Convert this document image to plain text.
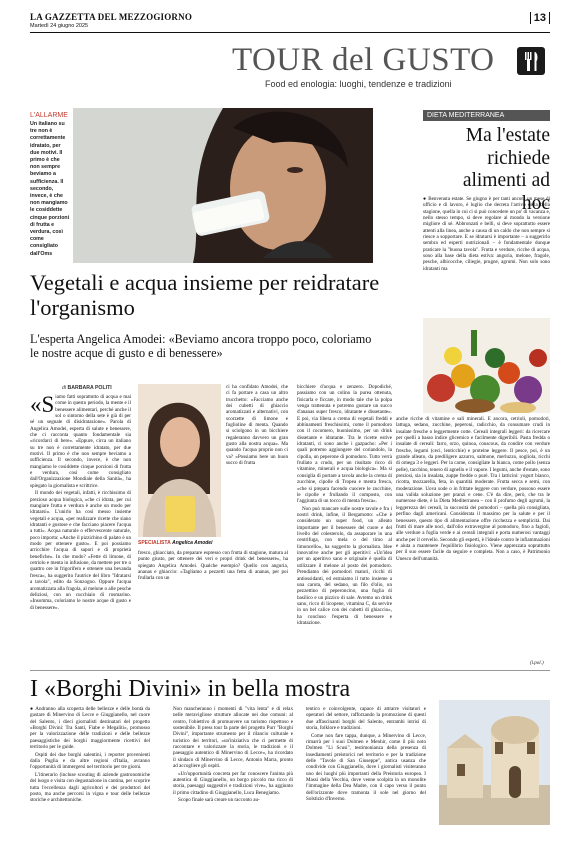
LA GAZZETTA DEL MEZZOGIORNO
Martedì 24 giugno 2025
13
TOUR del GUSTO
Food ed enologia: luoghi, tendenze e tradizioni
L'ALLARME
Un italiano su tre non è correttamente idratato, per due motivi. Il primo è che non sempre beviamo a sufficienza. Il secondo, invece, è che non mangiamo le cosiddette cinque porzioni di frutta e verdura, così come consigliato dall'Oms
Vegetali e acqua insieme per reidratare l'organismo
L'esperta Angelica Amodei: «Beviamo ancora troppo poco, coloriamo le nostre acque di gusto e di benessere»
di BARBARA POLITI

«Siamo fatti soprattutto di acqua e mai come in questo periodo, la mente e il benessere alimentari, perché anche il sol o sintomo della sete è già di per sé un segnale di disidratazione». Parola di Angelica Amodei, esperta di salute e benessere, che ci racconta quanto fondamentale sia «ricordarci di bere». «Eppure, circa un italiano su tre non è correttamente idratato, per due motivi. Il primo è che non sempre beviamo a sufficienza. Il secondo, invece, è che non mangiamo le cosiddette cinque porzioni di frutta e verdura, così come consigliato dall'Organizzazione Mondiale della Sanità», ha spiegato la giornalista e scrittrice.

Il mondo dei vegetali, infatti, è ricchissimo di prezioso acqua biologica, «che ci idrata, per cui mangiare frutta e verdura è anche un modo per idratarsi». L'unirlo ha così messo insieme vegetali e acqua, «per realizzare ricette che siano idratanti e gustose e che facciano piacere l'acqua a tutti». Acqua naturale o effervescente naturale, poco importa: «Anche il pizzichino di palato è un modo per ottenere gusto». E poi possiamo arricchire l'acqua di sapori e di proprietà benefiche». In che modo? «Fette di limone, di cetriolo e menta in infusione, da mettere per tre o quattro ore in frigorifero e ottenere una bevanda fresca», ha suggerito l'autrice del libro "Idratarsi a tavola", edito da Sonzogno. Oppure l'acqua aromatizzata alla fragola, al melone o alle pesche deliziosi, con un cucchiaio di rosmarino. «Insomma, coloriamo le nostre acque di gusto e di benessere».

SPECIALISTA Angelica Amodei

ci ha confidato Amodei, che ci fa portare a casa un altro trucchetto: «Facciamo anche dei cubetti di ghiaccio aromatizzati e alternativi, con scorzette di limone e foglioline di menta. Quando si sciolgono in un bicchiere regaleranno davvero un gran gusto alla nostra acqua». Ma quando l'acqua proprio non ci va? «Possiamo bere un buon succo di frutta

fresco, ghiacciato, da preparare espresso con frutta di stagione, matura al punto giusto, per ottenere dei veri e propri drink del benessere», ha spiegato Angelica Amodei. Qualche esempio? Quello con anguria, ananas e ghiaccio: «Tagliamo a pezzetti una fetta di ananas, per poi frullarla con un

bicchiere d'acqua e zenzero. Dopodiché, passiamo con un colino la purea ottenuta, fisicarla e ficcare, in modo tale che la polpa venga trattenuta e potremo gustare un succo d'ananas super fresco, idratante e dissetante». E poi, via libera a crema di vegetali freddi e abbinamenti freschissimi, come il pomodoro con il cocomero, buonissimo, per un drink dissetante e idratante. Tra le ricette estive idratanti, ci sono anche i gazpacho: «Per i quali potremo aggiungere del coriandolo, la cipolla, un peperone di pomodoro. Tutto verrà frullato a crudo, per un risultato ricco di vitamine, minerali e acqua biologica». Ma si consiglia di portare a tavola anche la crema di zucchine, cipolle di Tropea e menta fresca, «che si prepara facendo cuocere le zucchine, le cipolle e frullando il composto, con l'aggiunta di un tocco di menta fresca».

Non può mancare sulle nostre tavole e fra i nostri drink, infine, il Bergamotto: «Che è considerato un super food, un alleato importante per il benessere del cuore e del livello del colesterolo, da assaporare in una centrifuga, con mela o del timo al limoncello», ha suggerito la giornalista. Idee innovative anche per gli aperitivi: «Un'idea per un aperitivo sano e originale è quella di utilizzare il melone al posto dei pomodoro. Prendiamo dei pomodori maturi, ricchi di antiossidanti, ed estraiamo il tutto insieme a una carota, del sedano, un filo d'olio, un pezzettino di peperoncino, una foglia di basilico e un pizzico di sale. Avremo un drink sano, ricco di licopene, vitamina C, da servire in un bel calice con dei cubetti di ghiaccio», ha concluso l'esperta di benessere e idratazione.

DIETA MEDITERRANEA
Ma l'estate richiede alimenti ad hoc

● Benvenuta estate. Se giugno è per tanti ancora un mese di ufficio e di lavoro, è luglio che decreta l'arrivo della bella stagione, quella in cui ci si può concedere un po' di vacanza e, nello stesso tempo, si deve regolare al mondo la versione migliore di sé. Abbronzati e belli, si deve soprattutto essere attenti alla linea, anche a causa di un caldo che non sempre si riesce a sopportare. E se idratarsi è importante – a suggerirlo sembra ed esperti nutrizionali – è fondamentale dunque praticare la "buona tavola". Frutta e verdure, ricche di acqua, sono alla base della dieta estiva: anguria, melone, fragole, pesche, albicocche, ciliegie, prugne, agrumi. Non solo sono idratanti ma

anche ricche di vitamine e sali minerali. E ancora, cetrioli, pomodori, lattuga, sedano, zucchine, peperoni, radicchio, da consumare crudi in insalate fresche o leggermente cotte. Cereali integrali leggeri: da ricercare per quelli a basso indice glicemico e facilmente digeribili. Pasta fredda o insalate di cereali: farro, orzo, quinoa, couscous, da condire con verdure fresche, legumi (ceci, lenticchie) e proteine leggere. Il pesce, poi, è un grande alleato, da prediligere azzurro, salmone, merluzzo, sogliola, ricchi di omega 3 e leggeri. Per la carne, consigliate la bianca, come pollo (senza pelle), tacchino, tenero di agnello e il vapore. I legumi, anche d'estate, sono preziosi, sia in insalata, zuppe fredde o purè. Tra i latticini: yogurt bianco, ricotta, mozzarella, feta, in quantità moderate. Frutta secca e semi, con moderazione. Uova sode o in frittate leggere con verdure, possono essere una valida soluzione per pranzi e cene. C'è da dire, però, che tra le numerose diete, è la Dieta Mediterranea – con il profumo degli agrumi, la leggerezza dei cereali, la succosità dei pomodori – quella più consigliata, perfino dagli americani. Considerata il massimo per la salute e per il benessere, questo tipo di alimentazione offre ricchezza e semplicità. Dai frutti di mare alle noci, dall'olio extravergine al pomodoro, fino a fagioli, alle verdure a foglia verde e ai cereali integrali e porta numerosi vantaggi anche per il cervello. Secondo gli esperti, è l'ideale contro le infiammazioni e aiuta a mantenere l'equilibrio fisiologico. Viene apprezzata soprattutto per il suo essere facile da seguire e completa. Non a caso, è Patrimonio Unesco dell'umanità.

(l.pol.)
I «Borghi Divini» in bella mostra

● Andranno alla scoperta delle bellezze e delle bontà da gustare di Minervino di Lecce e Giuggianello, nel cuore del Salento, i dieci giornalisti destinatari del progetto «Borghi Divini: Tra Santi, Fiabe e Megaliti», promosso per la valorizzazione delle tradizioni e delle bellezze paesaggistiche dei borghi maggiormente ricettivi del territorio per le guide.

Ospiti dei due borghi salentini, i reporter provenienti dalla Puglia e da altre regioni d'Italia, avranno l'opportunità di immergersi nel territorio per tre giorni.

L'itinerario (incluse scouting di aziende gastronomiche del luogo e visita con degustazione in cantina, per scoprire tutta l'eccellenza dagli agricoltori e dei produttori del posto, ma anche percorsi in vigna e tour delle bellezze storiche e architettoniche.

Non mancheranno i momenti di "vita lenta" e di relax nelle meravigliose strutture allocate nei due comuni: al centro, l'obiettivo di promuovere un turismo rispettoso e sostenibile. Il press tour fa parte del progetto Purr "Borghi Divini", importante strumento per il rilancio culturale e turistico dei territori, «un'iniziativa che ci permette di raccontare e valorizzare la storia, le tradizioni e il paesaggio autentico di Minervino di Lecce», ha ricordato il sindaco di Minervino di Lecce, Antonio Marra, pronto ad accogliere gli ospiti.

«Un'opportunità concreta per far conoscere l'anima più autentica di Giuggianello, un borgo piccolo ma ricco di storia, paesaggi suggestivi e tradizioni vive», ha aggiunto il primo cittadino di Giuggianello, Luca Benegiamo.

Scopo finale sarà creare un racconto au-

tentico e coinvolgente, capace di attrarre visitatori e operatori del settore, rafforzando la promozione di questi due affascinanti borghi del Salento, entrambi intrisi di storia, folklore e tradizioni.

Come non fare tappa, dunque, a Minervino di Lecce, rimarrà per i suoi Dolmen e Menhir, come il più noto Dolmen "Li Scusi", testimonianza della presenza di insediamenti preistorici nel territorio e per la tradizione delle "Tavole di San Giuseppe", antica usanza che condivide con Giuggianello, dove i giornalisti visiteranno uno dei luoghi più importanti della Preistoria europea. I Massi della Vecchia, dove venne scolpita in un monolite l'immagine della Dea Madre, con il capo verso il punto dell'orizzonte dove tramonta il sole nel giorno del Solstizio d'Inverno.
